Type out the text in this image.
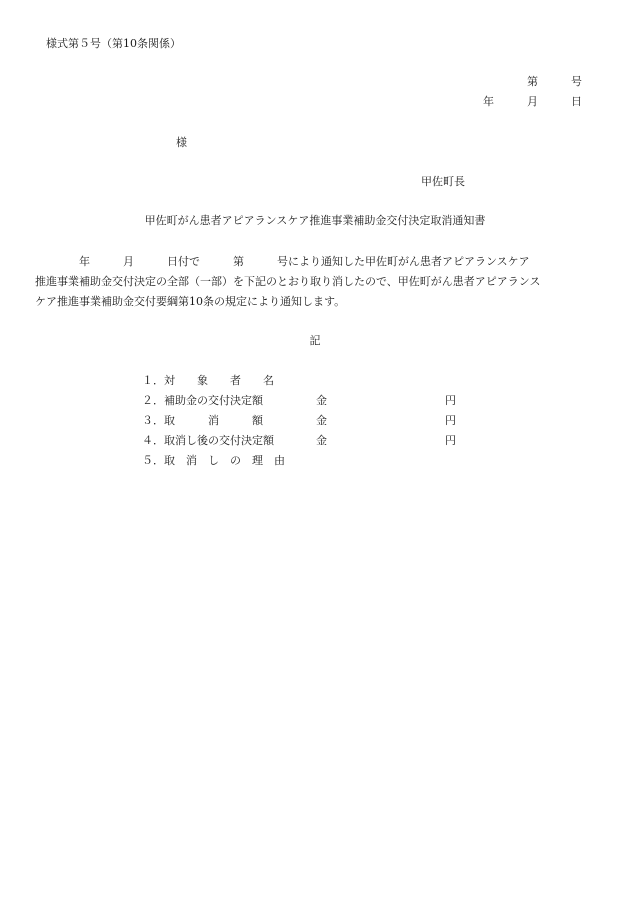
様式第５号（第10条関係）
第　　　号
年　　　月　　　日
様
甲佐町長
甲佐町がん患者アピアランスケア推進事業補助金交付決定取消通知書
　　　　年　　　月　　　日付で　　　第　　　号により通知した甲佐町がん患者アピアランスケア
推進事業補助金交付決定の全部（一部）を下記のとおり取り消したので、甲佐町がん患者アピアランス
ケア推進事業補助金交付要綱第10条の規定により通知します。
記
１．対　　象　　者　　名
２．補助金の交付決定額	金	円
３．取　　　消　　　額	金	円
４．取消し後の交付決定額	金	円
５．取　消　し　の　理　由
